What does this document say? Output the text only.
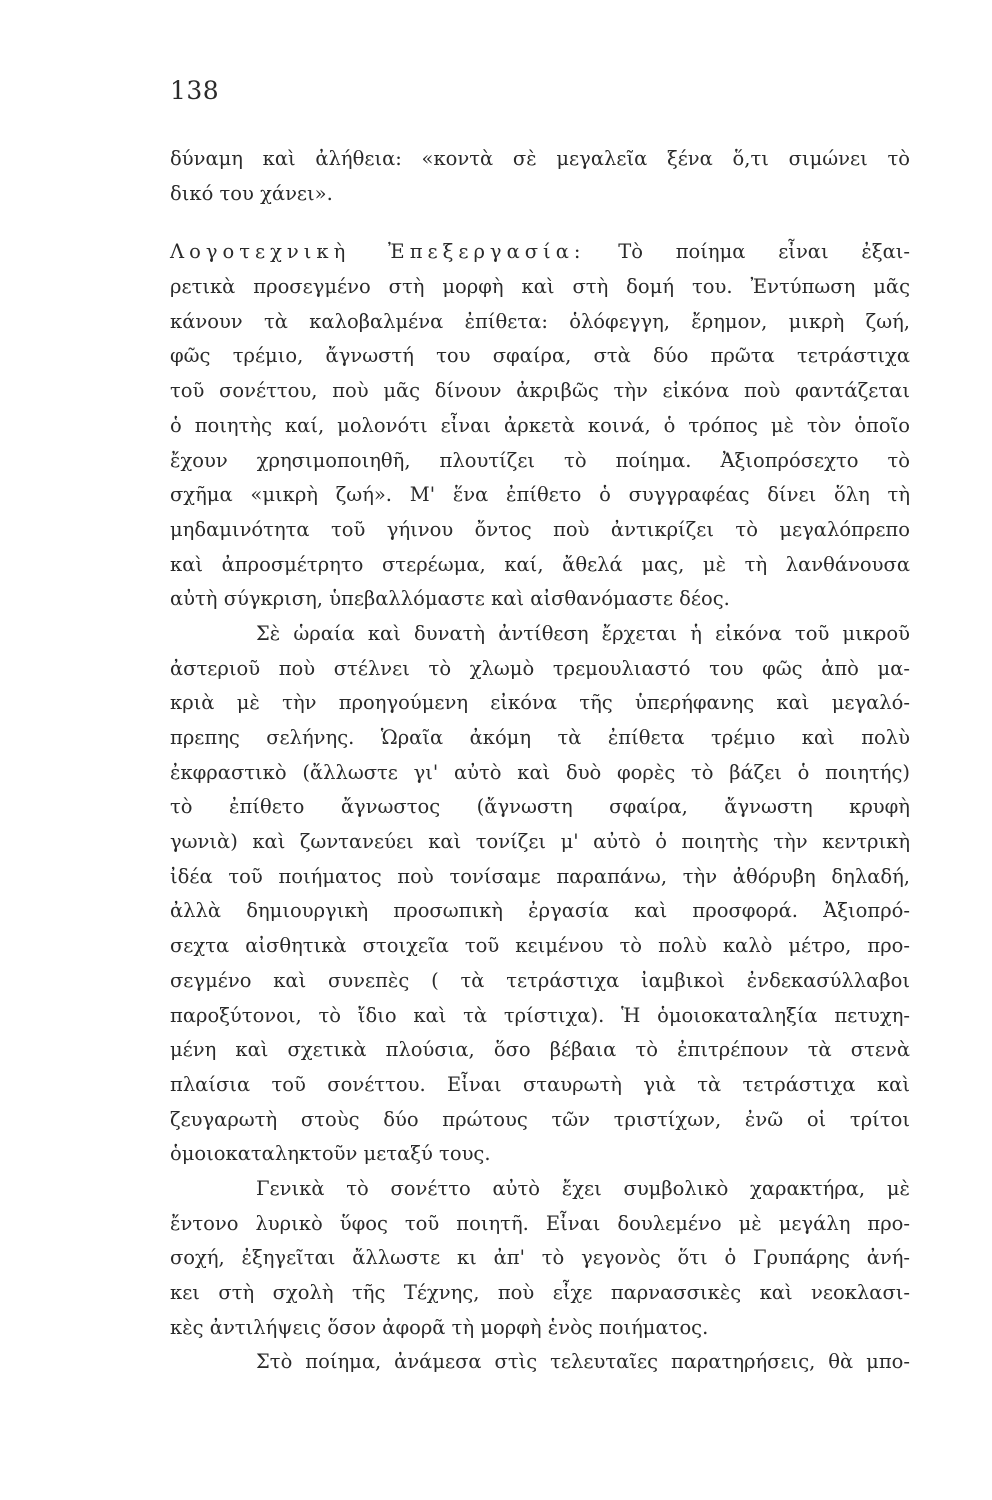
138
δύναμη καὶ ἀλήθεια: «κοντὰ σὲ μεγαλεῖα ξένα ὅ,τι σιμώνει τὸ
δικό του χάνει».
Λογοτεχνικὴ Ἐπεξεργασία: Τὸ ποίημα εἶναι ἐξαι-
ρετικὰ προσεγμένο στὴ μορφὴ καὶ στὴ δομή του. Ἐντύπωση μᾶς
κάνουν τὰ καλοβαλμένα ἐπίθετα: ὁλόφεγγη, ἔρημον, μικρὴ ζωή,
φῶς τρέμιο, ἄγνωστή του σφαίρα, στὰ δύο πρῶτα τετράστιχα
τοῦ σονέττου, ποὺ μᾶς δίνουν ἀκριβῶς τὴν εἰκόνα ποὺ φαντάζεται
ὁ ποιητὴς καί, μολονότι εἶναι ἀρκετὰ κοινά, ὁ τρόπος μὲ τὸν ὁποῖο
ἔχουν χρησιμοποιηθῆ, πλουτίζει τὸ ποίημα. Ἀξιοπρόσεχτο τὸ
σχῆμα «μικρὴ ζωή». Μ' ἕνα ἐπίθετο ὁ συγγραφέας δίνει ὅλη τὴ
μηδαμινότητα τοῦ γήινου ὄντος ποὺ ἀντικρίζει τὸ μεγαλόπρεπο
καὶ ἀπροσμέτρητο στερέωμα, καί, ἄθελά μας, μὲ τὴ λανθάνουσα
αὐτὴ σύγκριση, ὑπεβαλλόμαστε καὶ αἰσθανόμαστε δέος.
Σὲ ὡραία καὶ δυνατὴ ἀντίθεση ἔρχεται ἡ εἰκόνα τοῦ μικροῦ
ἀστεριοῦ ποὺ στέλνει τὸ χλωμὸ τρεμουλιαστό του φῶς ἀπὸ μα-
κριὰ μὲ τὴν προηγούμενη εἰκόνα τῆς ὑπερήφανης καὶ μεγαλό-
πρεπης σελήνης. Ὡραῖα ἀκόμη τὰ ἐπίθετα τρέμιο καὶ πολὺ
ἐκφραστικὸ (ἄλλωστε γι' αὐτὸ καὶ δυὸ φορὲς τὸ βάζει ὁ ποιητής)
τὸ ἐπίθετο ἄγνωστος (ἄγνωστη σφαίρα, ἄγνωστη κρυφὴ
γωνιὰ) καὶ ζωντανεύει καὶ τονίζει μ' αὐτὸ ὁ ποιητὴς τὴν κεντρικὴ
ἰδέα τοῦ ποιήματος ποὺ τονίσαμε παραπάνω, τὴν ἀθόρυβη δηλαδή,
ἀλλὰ δημιουργικὴ προσωπικὴ ἐργασία καὶ προσφορά. Ἀξιοπρό-
σεχτα αἰσθητικὰ στοιχεῖα τοῦ κειμένου τὸ πολὺ καλὸ μέτρο, προ-
σεγμένο καὶ συνεπὲς ( τὰ τετράστιχα ἰαμβικοὶ ἐνδεκασύλλαβοι
παροξύτονοι, τὸ ἴδιο καὶ τὰ τρίστιχα). Ἡ ὁμοιοκαταληξία πετυχη-
μένη καὶ σχετικὰ πλούσια, ὅσο βέβαια τὸ ἐπιτρέπουν τὰ στενὰ
πλαίσια τοῦ σονέττου. Εἶναι σταυρωτὴ γιὰ τὰ τετράστιχα καὶ
ζευγαρωτὴ στοὺς δύο πρώτους τῶν τριστίχων, ἐνῶ οἱ τρίτοι
ὁμοιοκαταληκτοῦν μεταξύ τους.
Γενικὰ τὸ σονέττο αὐτὸ ἔχει συμβολικὸ χαρακτήρα, μὲ
ἔντονο λυρικὸ ὕφος τοῦ ποιητῆ. Εἶναι δουλεμένο μὲ μεγάλη προ-
σοχή, ἐξηγεῖται ἄλλωστε κι ἀπ' τὸ γεγονὸς ὅτι ὁ Γρυπάρης ἀνή-
κει στὴ σχολὴ τῆς Τέχνης, ποὺ εἶχε παρνασσικὲς καὶ νεοκλασι-
κὲς ἀντιλήψεις ὅσον ἀφορᾶ τὴ μορφὴ ἑνὸς ποιήματος.
Στὸ ποίημα, ἀνάμεσα στὶς τελευταῖες παρατηρήσεις, θὰ μπο-
